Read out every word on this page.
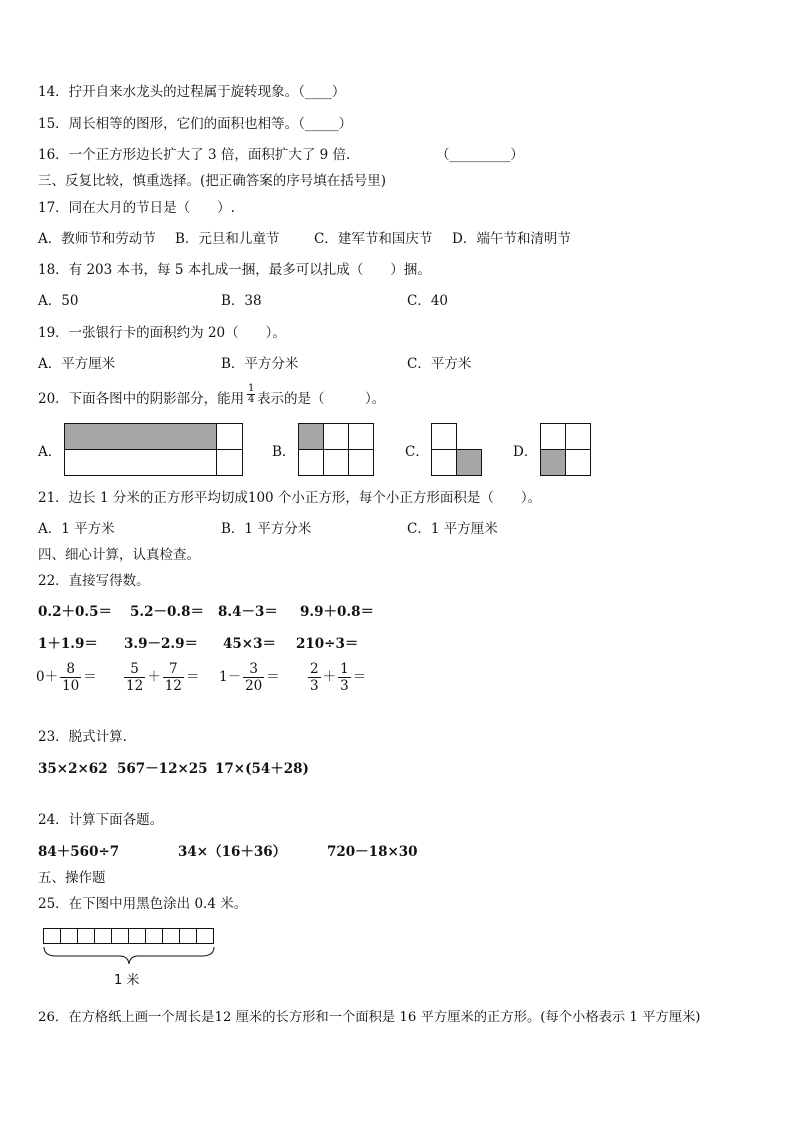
14．拧开自来水龙头的过程属于旋转现象。（____）
15．周长相等的图形，它们的面积也相等。（_____）
16．一个正方形边长扩大了 3 倍，面积扩大了 9 倍.	（_________）
三、反复比较，慎重选择。(把正确答案的序号填在括号里)
17．同在大月的节日是（　　）.
A．教师节和劳动节 B．元旦和儿童节	C．建军节和国庆节 D．端午节和清明节
18．有 203 本书，每 5 本扎成一捆，最多可以扎成（　　）捆。
A．50	B．38	C．40
19．一张银行卡的面积约为 20（　　）。
A．平方厘米	B．平方分米	C．平方米
20．下面各图中的阴影部分，能用 $\frac{1}{4}$ 表示的是（　　　）。
A．	B．	C．	D．
21．边长 1 分米的正方形平均切成100 个小正方形，每个小正方形面积是（　　）。
A．1 平方米	B．1 平方分米	C．1 平方厘米
四、细心计算，认真检查。
22．直接写得数。
0.2＋0.5＝ 5.2－0.8＝ 8.4－3＝ 9.9＋0.8＝
1＋1.9＝ 3.9－2.9＝ 45×3＝ 210÷3＝
$0+ \frac{8}{10} = \frac{5}{12} + \frac{7}{12} = 1- \frac{3}{20} = \frac{2}{3} + \frac{1}{3}$ ＝
23．脱式计算.
35×2×62 567－12×25 17×(54＋28)
24．计算下面各题。
84＋560÷7	34×（16＋36）	720－18×30
五、操作题
25．在下图中用黑色涂出 0.4 米。
1 米
26．在方格纸上画一个周长是12 厘米的长方形和一个面积是 16 平方厘米的正方形。(每个小格表示 1 平方厘米)
